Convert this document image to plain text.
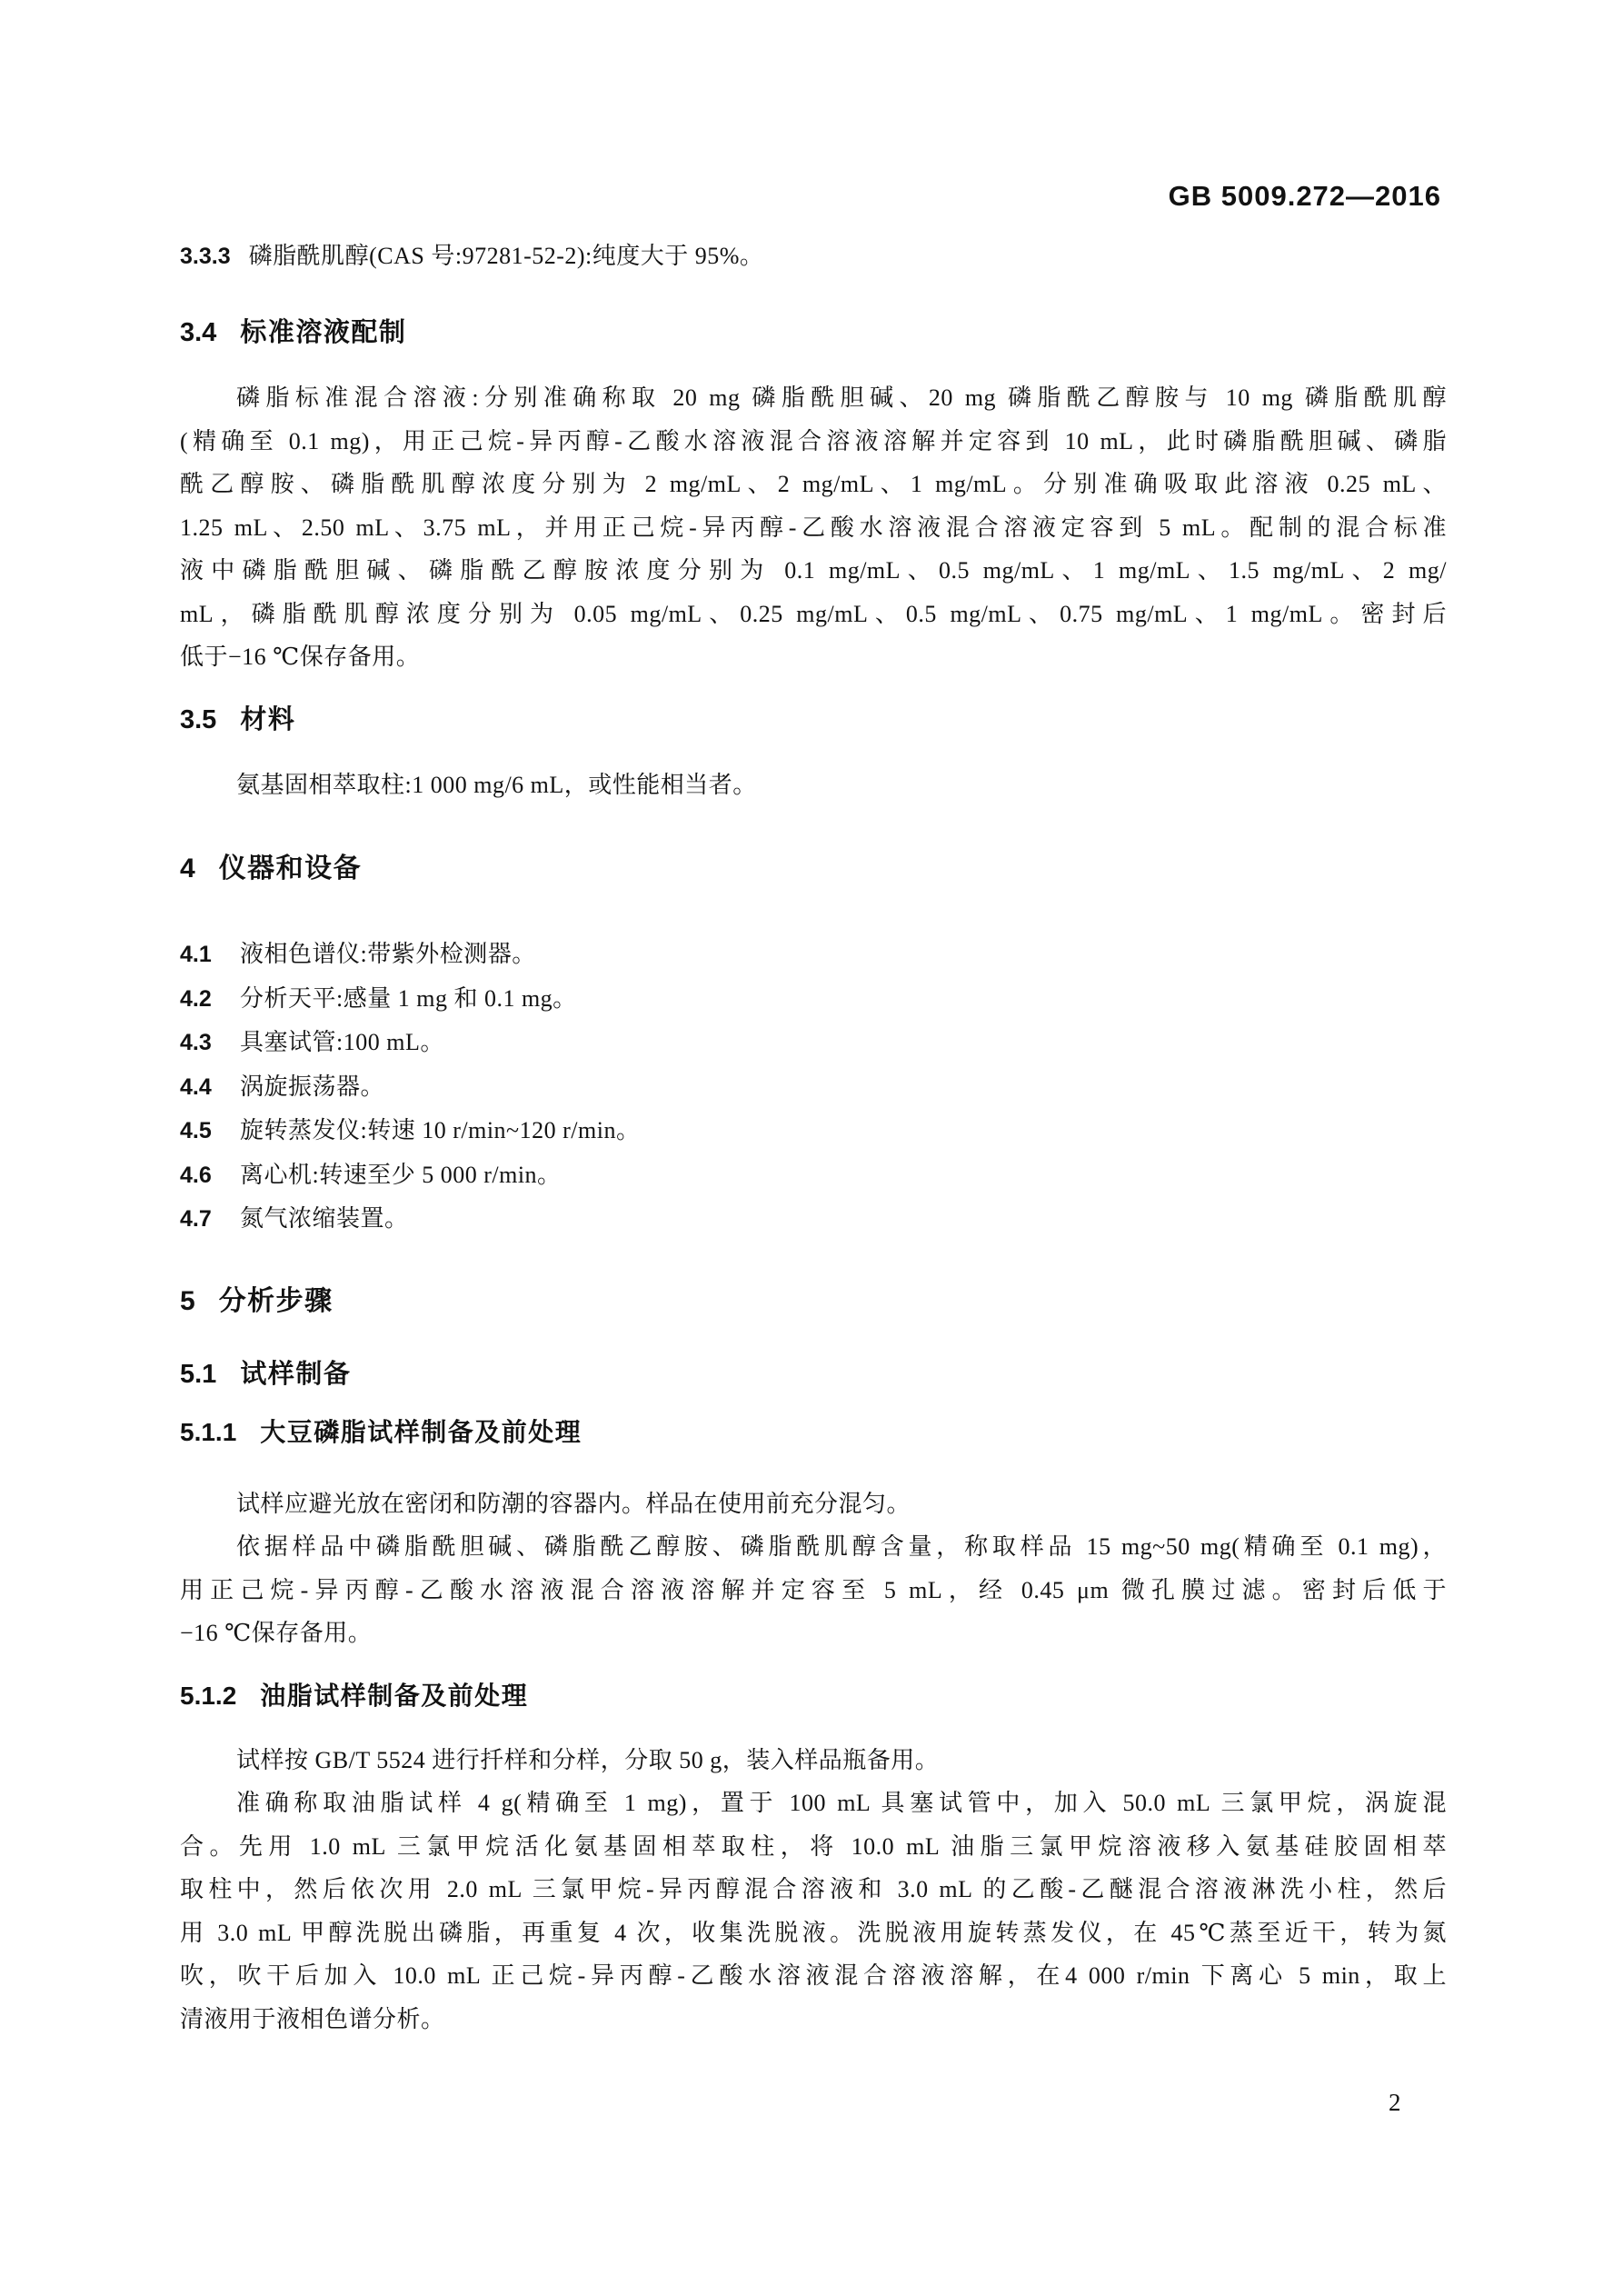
GB 5009.272—2016
3.3.3 磷脂酰肌醇(CAS 号:97281-52-2):纯度大于 95%。
3.4 标准溶液配制
磷脂标准混合溶液:分别准确称取 20 mg 磷脂酰胆碱、20 mg 磷脂酰乙醇胺与 10 mg 磷脂酰肌醇
(精确至 0.1 mg)，用正己烷-异丙醇-乙酸水溶液混合溶液溶解并定容到 10 mL，此时磷脂酰胆碱、磷脂
酰乙醇胺、磷脂酰肌醇浓度分别为 2 mg/mL、2 mg/mL、1 mg/mL。分别准确吸取此溶液 0.25 mL、
1.25 mL、2.50 mL、3.75 mL，并用正己烷-异丙醇-乙酸水溶液混合溶液定容到 5 mL。配制的混合标准
液中磷脂酰胆碱、磷脂酰乙醇胺浓度分别为 0.1 mg/mL、0.5 mg/mL、1 mg/mL、1.5 mg/mL、2 mg/
mL，磷脂酰肌醇浓度分别为 0.05 mg/mL、0.25 mg/mL、0.5 mg/mL、0.75 mg/mL、1 mg/mL。密封后
低于−16 ℃保存备用。
3.5 材料
氨基固相萃取柱:1 000 mg/6 mL，或性能相当者。
4 仪器和设备
4.1 液相色谱仪:带紫外检测器。
4.2 分析天平:感量 1 mg 和 0.1 mg。
4.3 具塞试管:100 mL。
4.4 涡旋振荡器。
4.5 旋转蒸发仪:转速 10 r/min~120 r/min。
4.6 离心机:转速至少 5 000 r/min。
4.7 氮气浓缩装置。
5 分析步骤
5.1 试样制备
5.1.1 大豆磷脂试样制备及前处理
试样应避光放在密闭和防潮的容器内。样品在使用前充分混匀。
依据样品中磷脂酰胆碱、磷脂酰乙醇胺、磷脂酰肌醇含量，称取样品 15 mg~50 mg(精确至 0.1 mg)，
用正己烷-异丙醇-乙酸水溶液混合溶液溶解并定容至 5 mL，经 0.45 μm 微孔膜过滤。密封后低于
−16 ℃保存备用。
5.1.2 油脂试样制备及前处理
试样按 GB/T 5524 进行扦样和分样，分取 50 g，装入样品瓶备用。
准确称取油脂试样 4 g(精确至 1 mg)，置于 100 mL 具塞试管中，加入 50.0 mL 三氯甲烷，涡旋混
合。先用 1.0 mL 三氯甲烷活化氨基固相萃取柱，将 10.0 mL 油脂三氯甲烷溶液移入氨基硅胶固相萃
取柱中，然后依次用 2.0 mL 三氯甲烷-异丙醇混合溶液和 3.0 mL 的乙酸-乙醚混合溶液淋洗小柱，然后
用 3.0 mL 甲醇洗脱出磷脂，再重复 4 次，收集洗脱液。洗脱液用旋转蒸发仪，在 45℃蒸至近干，转为氮
吹，吹干后加入 10.0 mL 正己烷-异丙醇-乙酸水溶液混合溶液溶解，在4 000 r/min 下离心 5 min，取上
清液用于液相色谱分析。
2
